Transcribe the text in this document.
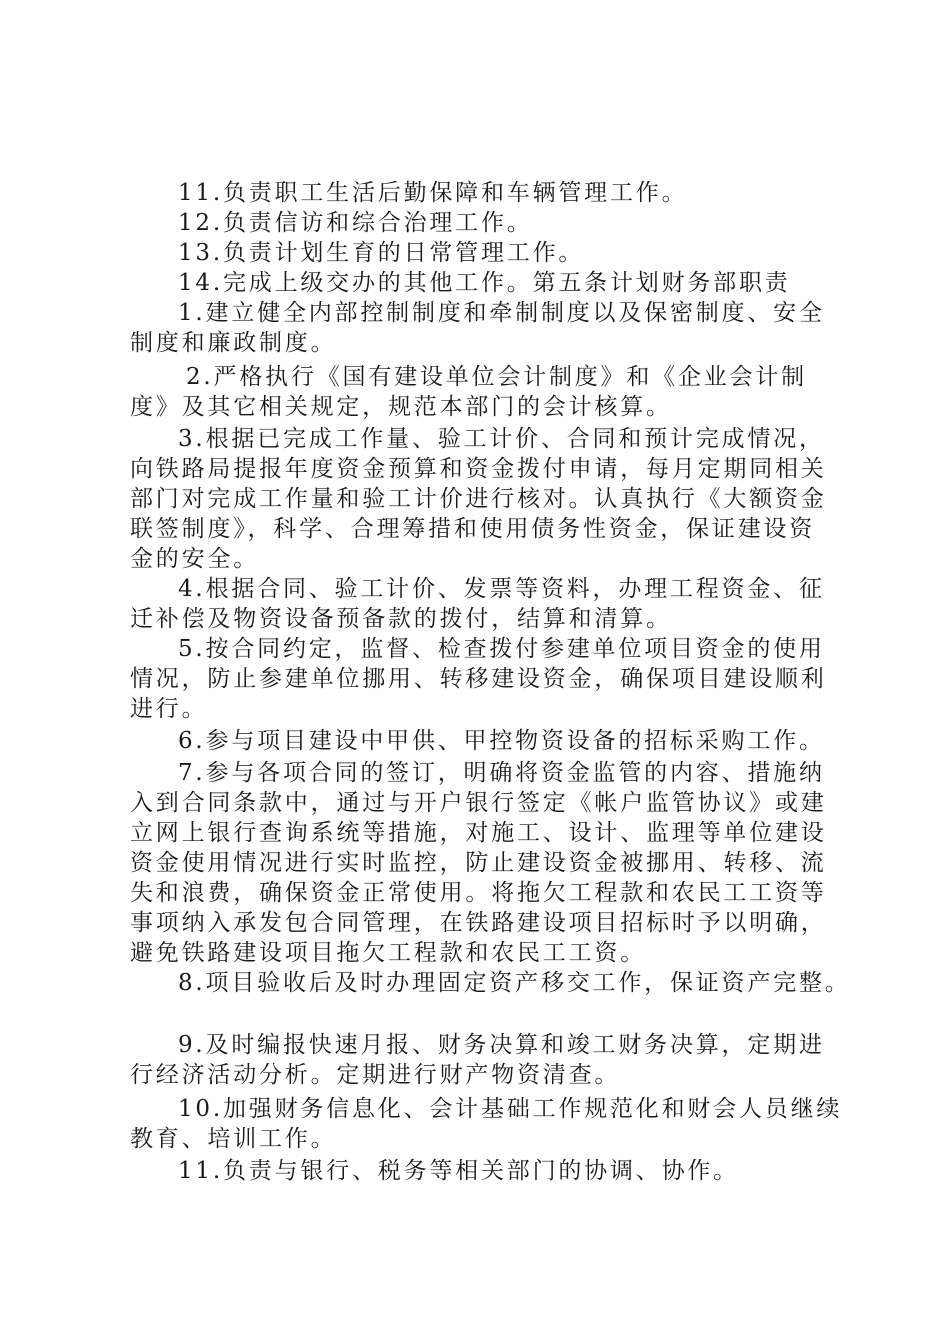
11.负责职工生活后勤保障和车辆管理工作。
12.负责信访和综合治理工作。
13.负责计划生育的日常管理工作。
14.完成上级交办的其他工作。第五条计划财务部职责
1.建立健全内部控制制度和牵制制度以及保密制度、安全
制度和廉政制度。
2.严格执行《国有建设单位会计制度》和《企业会计制
度》及其它相关规定，规范本部门的会计核算。
3.根据已完成工作量、验工计价、合同和预计完成情况，
向铁路局提报年度资金预算和资金拨付申请，每月定期同相关
部门对完成工作量和验工计价进行核对。认真执行《大额资金
联签制度》，科学、合理筹措和使用债务性资金，保证建设资
金的安全。
4.根据合同、验工计价、发票等资料，办理工程资金、征
迁补偿及物资设备预备款的拨付，结算和清算。
5.按合同约定，监督、检查拨付参建单位项目资金的使用
情况，防止参建单位挪用、转移建设资金，确保项目建设顺利
进行。
6.参与项目建设中甲供、甲控物资设备的招标采购工作。
7.参与各项合同的签订，明确将资金监管的内容、措施纳
入到合同条款中，通过与开户银行签定《帐户监管协议》或建
立网上银行查询系统等措施，对施工、设计、监理等单位建设
资金使用情况进行实时监控，防止建设资金被挪用、转移、流
失和浪费，确保资金正常使用。将拖欠工程款和农民工工资等
事项纳入承发包合同管理，在铁路建设项目招标时予以明确，
避免铁路建设项目拖欠工程款和农民工工资。
8.项目验收后及时办理固定资产移交工作，保证资产完整。
9.及时编报快速月报、财务决算和竣工财务决算，定期进
行经济活动分析。定期进行财产物资清查。
10.加强财务信息化、会计基础工作规范化和财会人员继续
教育、培训工作。
11.负责与银行、税务等相关部门的协调、协作。
